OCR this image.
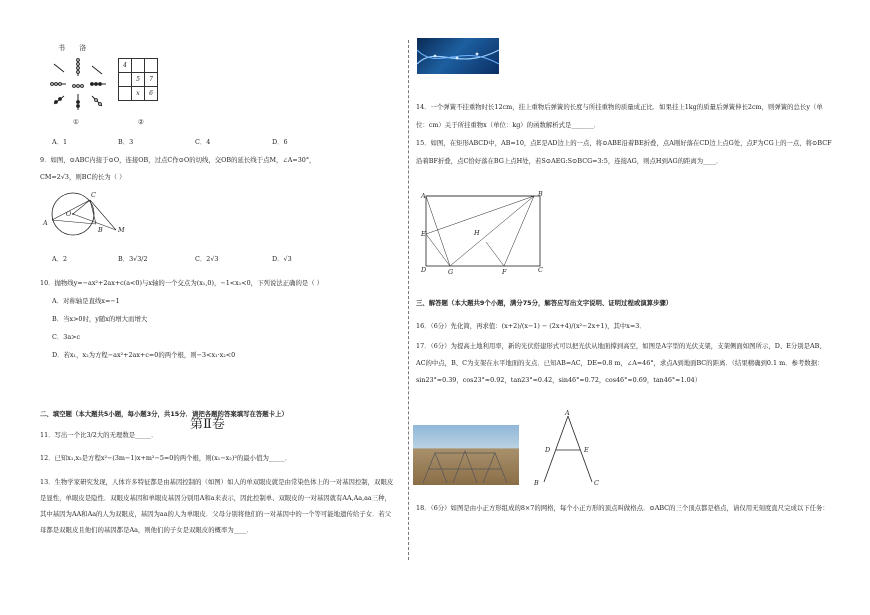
书 洛
①
4		
	5	7
	x	6
②
A．1	B．3	C．4	D．6
9．如图，⊙ABC内接于⊙O，连接OB，过点C作⊙O的切线，交OB的延长线于点M，∠A=30°，
CM=2√3，则BC的长为（ ）
C
O
A
B M
A．2	B．3√3/2	C．2√3	D．√3
10．抛物线y=−ax²+2ax+c(a<0)与x轴的一个交点为(x₁,0)，−1<x₁<0，下列说法正确的是（ ）
A．对称轴是直线x=−1
B．当x>0时，y随x的增大而增大
C．3a>c
D．若x₁，x₂为方程−ax²+2ax+c=0的两个根，则−3<x₁·x₂<0
第Ⅱ卷
二、填空题（本大题共5小题，每小题3分，共15分．请把各题的答案填写在答题卡上）
11．写出一个比3/2大的无理数是_____．
12．已知x₁,x₂是方程x²−(3m−1)x+m²−5=0的两个根，则(x₁−x₂)²的最小值为_____．
13．生物学家研究发现，人体许多特征都是由基因控制的（如图）如人的单双眼皮就是由常染色体上的一对基因控制，双眼皮是显性，单眼皮是隐性．双眼皮基因和单眼皮基因分别用A和a来表示，因此控制单、双眼皮的一对基因就有AA,Aa,aa三种，其中基因为AA和Aa的人为双眼皮，基因为aa的人为单眼皮．父母分别将他们的一对基因中的一个等可能地遗传给子女．若父母都是双眼皮且他们的基因都是Aa，则他们的子女是双眼皮的概率为____．
14．一个弹簧不挂重物时长12cm，挂上重物后弹簧的长度与所挂重物的质量成正比．如果挂上1kg的质量后弹簧伸长2cm，则弹簧的总长y（单位：cm）关于所挂重物x（单位：kg）的函数解析式是_______．
15．如图，在矩形ABCD中，AB=10，点E是AD边上的一点，将⊙ABE沿着BE折叠，点A刚好落在CD边上点G处，点F为CG上的一点，将⊙BCF沿着BF折叠，点C恰好落在BG上点H处，若S⊙AEG:S⊙BCG=3:5，连接AG，则点H到AG的距离为____．
A	B
E	H
D	G	F	C
三、解答题（本大题共9个小题，满分75分，解答应写出文字说明、证明过程或演算步骤）
16．（6分）先化简，再求值：(x+2)/(x−1) − (2x+4)/(x²−2x+1)，其中x=3．
17．（6分）为提高土地利用率，新的光伏搭建形式可以把光伏从地面撑到高空，如图是A字型的光伏支架，支架侧面如图所示，D、E分别是AB、AC的中点，B、C为支架在水平地面的支点．已知AB=AC，DE=0.8 m，∠A=46°，求点A到地面BC的距离．（结果精确到0.1 m．参考数据：sin23°≈0.39，cos23°≈0.92，tan23°≈0.42，sin46°≈0.72，cos46°≈0.69，tan46°≈1.04）
A
D	E
B	C
18．（6分）如图是由小正方形组成的8×7的网格，每个小正方形的顶点叫做格点．⊙ABC的三个顶点都是格点，请仅用无刻度直尺完成以下任务：
